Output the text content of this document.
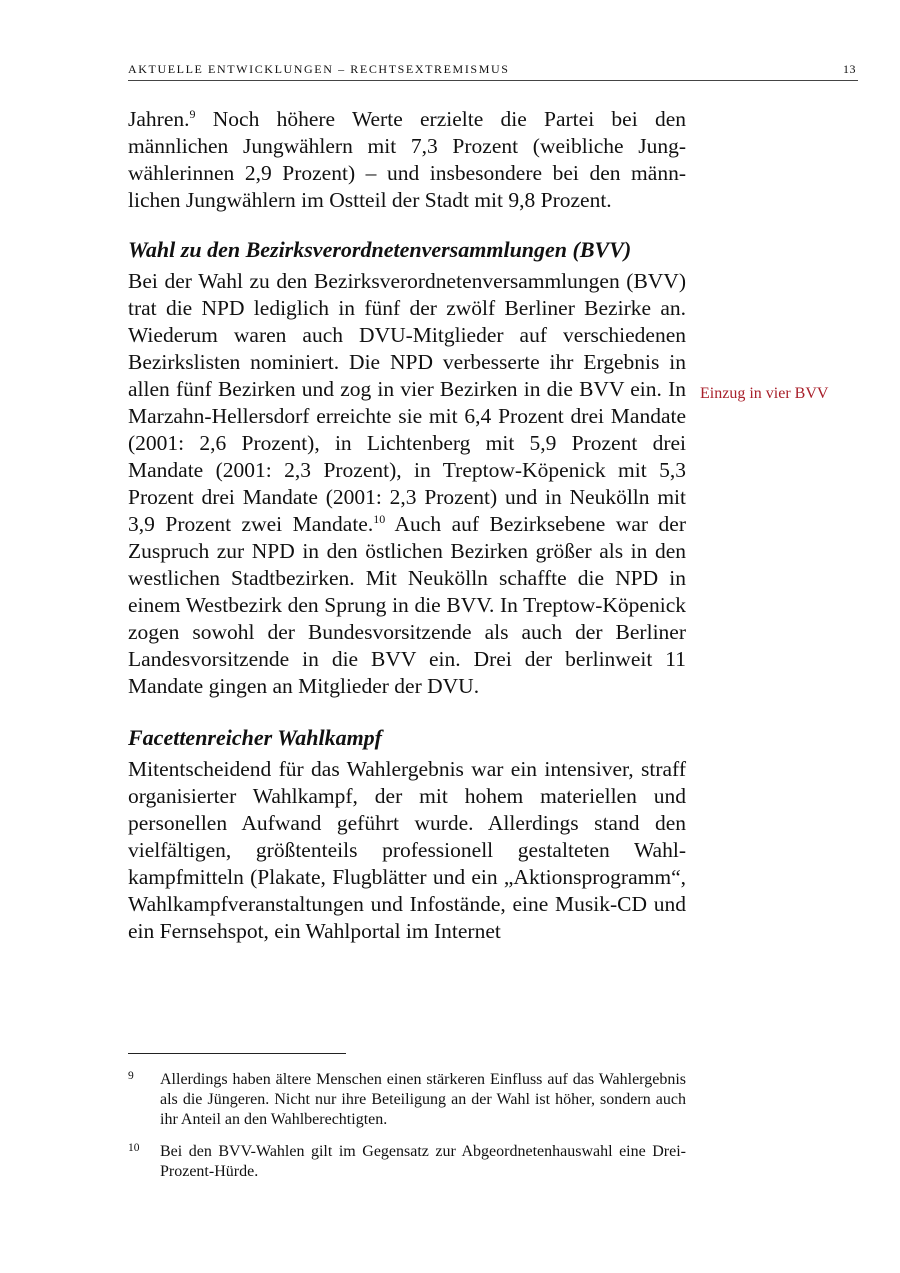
AKTUELLE ENTWICKLUNGEN – RECHTSEXTREMISMUS	13

Jahren.$^9$ Noch höhere Werte erzielte die Partei bei den männlichen Jungwählern mit 7,3 Prozent (weibliche Jungwählerinnen 2,9 Prozent) – und insbesondere bei den männlichen Jungwählern im Ostteil der Stadt mit 9,8 Prozent.

Wahl zu den Bezirksverordnetenversammlungen (BVV)

Bei der Wahl zu den Bezirksverordnetenversammlungen (BVV) trat die NPD lediglich in fünf der zwölf Berliner Bezirke an. Wiederum waren auch DVU-Mitglieder auf verschiedenen Bezirkslisten nominiert. Die NPD verbesserte ihr Ergebnis in allen fünf Bezirken und zog in vier Bezirken in die BVV ein. In Marzahn-Hellersdorf erreichte sie mit 6,4 Prozent drei Mandate (2001: 2,6 Prozent), in Lichtenberg mit 5,9 Prozent drei Mandate (2001: 2,3 Prozent), in Treptow-Köpenick mit 5,3 Prozent drei Mandate (2001: 2,3 Prozent) und in Neukölln mit 3,9 Prozent zwei Mandate.$^{10}$ Auch auf Bezirksebene war der Zuspruch zur NPD in den östlichen Bezirken größer als in den westlichen Stadtbezirken. Mit Neukölln schaffte die NPD in einem Westbezirk den Sprung in die BVV. In Treptow-Köpenick zogen sowohl der Bundesvorsitzende als auch der Berliner Landesvorsitzende in die BVV ein. Drei der berlinweit 11 Mandate gingen an Mitglieder der DVU.

Facettenreicher Wahlkampf

Mitentscheidend für das Wahlergebnis war ein intensiver, straff organisierter Wahlkampf, der mit hohem materiellen und personellen Aufwand geführt wurde. Allerdings stand den vielfältigen, größtenteils professionell gestalteten Wahlkampfmitteln (Plakate, Flugblätter und ein „Aktionsprogramm“, Wahlkampfveranstaltungen und Infostände, eine Musik-CD und ein Fernsehspot, ein Wahlportal im Internet

Einzug in vier BVV
9 Allerdings haben ältere Menschen einen stärkeren Einfluss auf das Wahlergebnis als die Jüngeren. Nicht nur ihre Beteiligung an der Wahl ist höher, sondern auch ihr Anteil an den Wahlberechtigten.
10 Bei den BVV-Wahlen gilt im Gegensatz zur Abgeordnetenhauswahl eine Drei-Prozent-Hürde.
